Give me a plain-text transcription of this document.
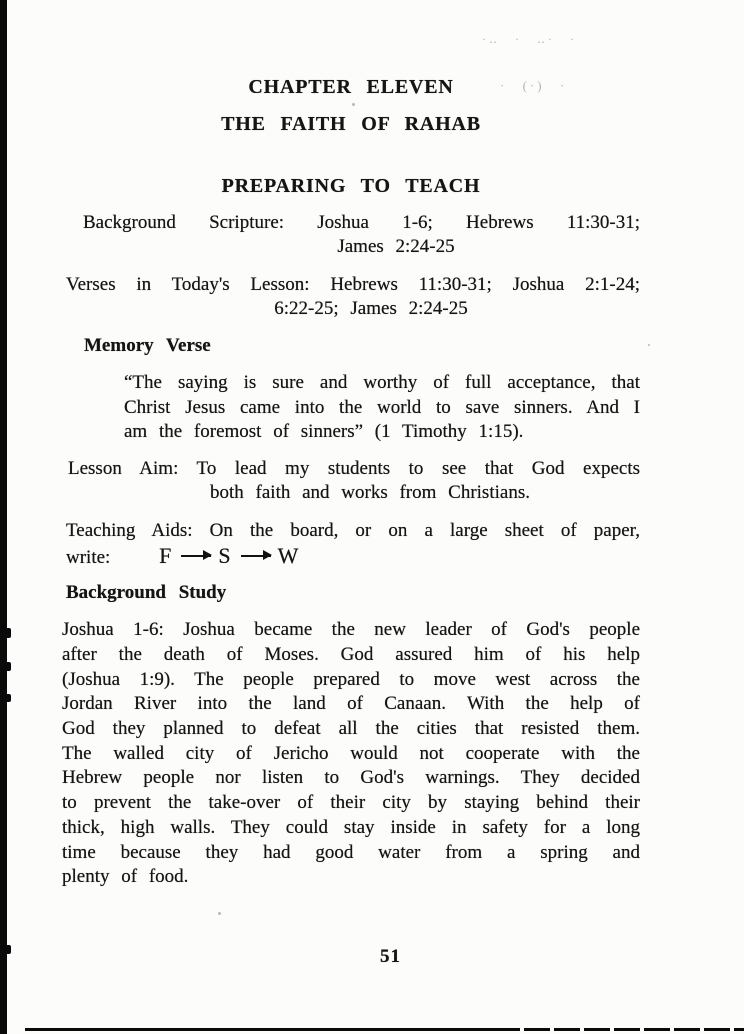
·‥ · ‥· ·
· (·) ·
CHAPTER ELEVEN
THE FAITH OF RAHAB
PREPARING TO TEACH
Background Scripture: Joshua 1-6; Hebrews 11:30-31;
James 2:24-25
Verses in Today's Lesson: Hebrews 11:30-31; Joshua 2:1-24;
6:22-25; James 2:24-25
Memory Verse
“The saying is sure and worthy of full acceptance, that
Christ Jesus came into the world to save sinners. And I
am the foremost of sinners” (1 Timothy 1:15).
Lesson Aim: To lead my students to see that God expects
both faith and works from Christians.
Teaching Aids: On the board, or on a large sheet of paper,
write: F S W
Background Study
Joshua 1-6: Joshua became the new leader of God's people
after the death of Moses. God assured him of his help
(Joshua 1:9). The people prepared to move west across the
Jordan River into the land of Canaan. With the help of
God they planned to defeat all the cities that resisted them.
The walled city of Jericho would not cooperate with the
Hebrew people nor listen to God's warnings. They decided
to prevent the take-over of their city by staying behind their
thick, high walls. They could stay inside in safety for a long
time because they had good water from a spring and
plenty of food.
51
